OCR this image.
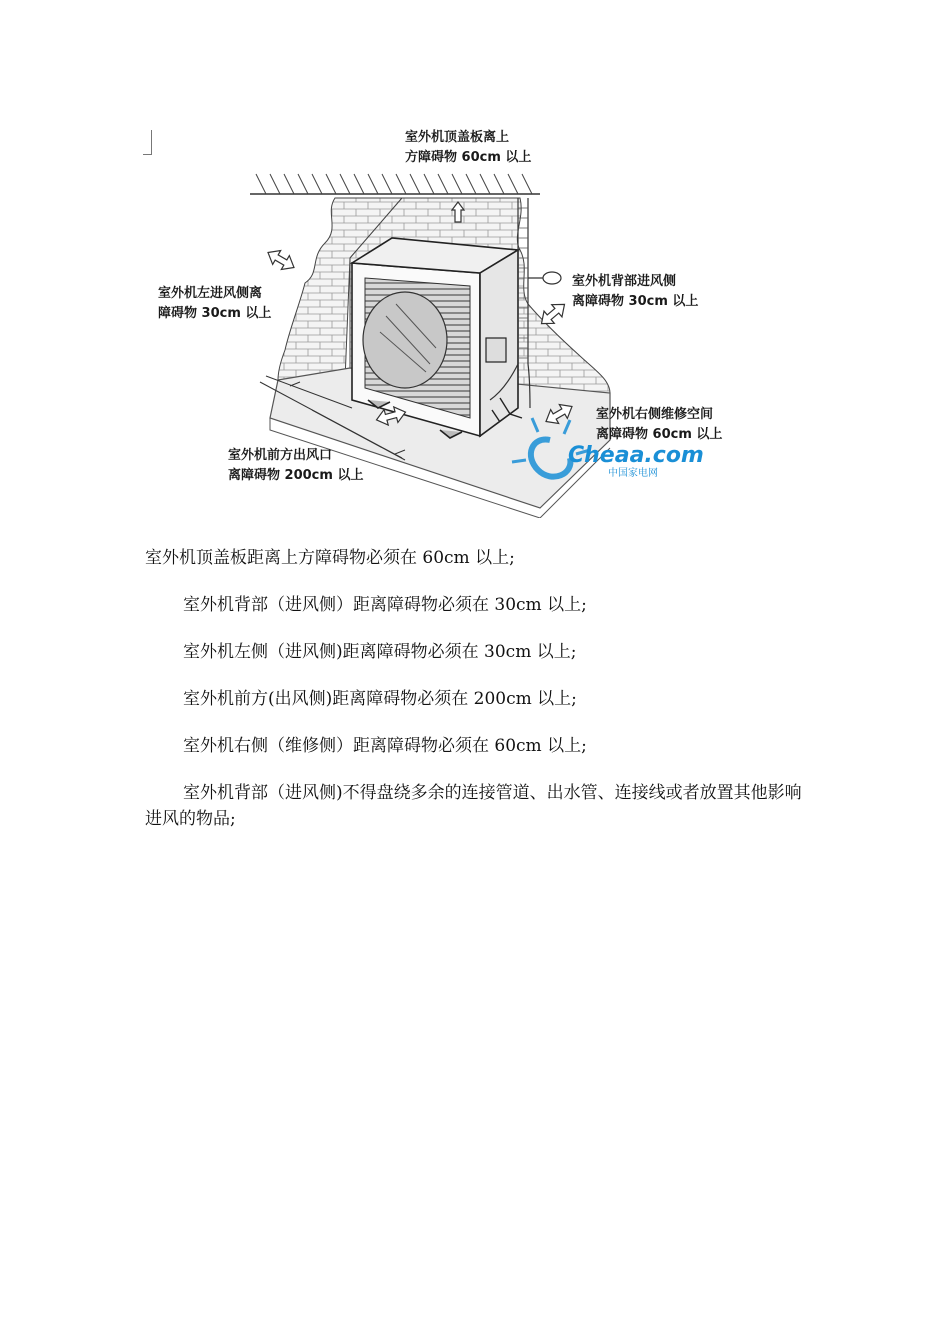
Cheaa.com
中国家电网
室外机顶盖板离上
方障碍物 60cm 以上
室外机左进风侧离
障碍物 30cm 以上
室外机背部进风侧
离障碍物 30cm 以上
室外机右侧维修空间
离障碍物 60cm 以上
室外机前方出风口
离障碍物 200cm 以上

室外机顶盖板距离上方障碍物必须在 60cm 以上;

室外机背部（进风侧）距离障碍物必须在 30cm 以上;

室外机左侧（进风侧)距离障碍物必须在 30cm 以上;

室外机前方(出风侧)距离障碍物必须在 200cm 以上;

室外机右侧（维修侧）距离障碍物必须在 60cm 以上;

室外机背部（进风侧)不得盘绕多余的连接管道、出水管、连接线或者放置其他影响进风的物品;
